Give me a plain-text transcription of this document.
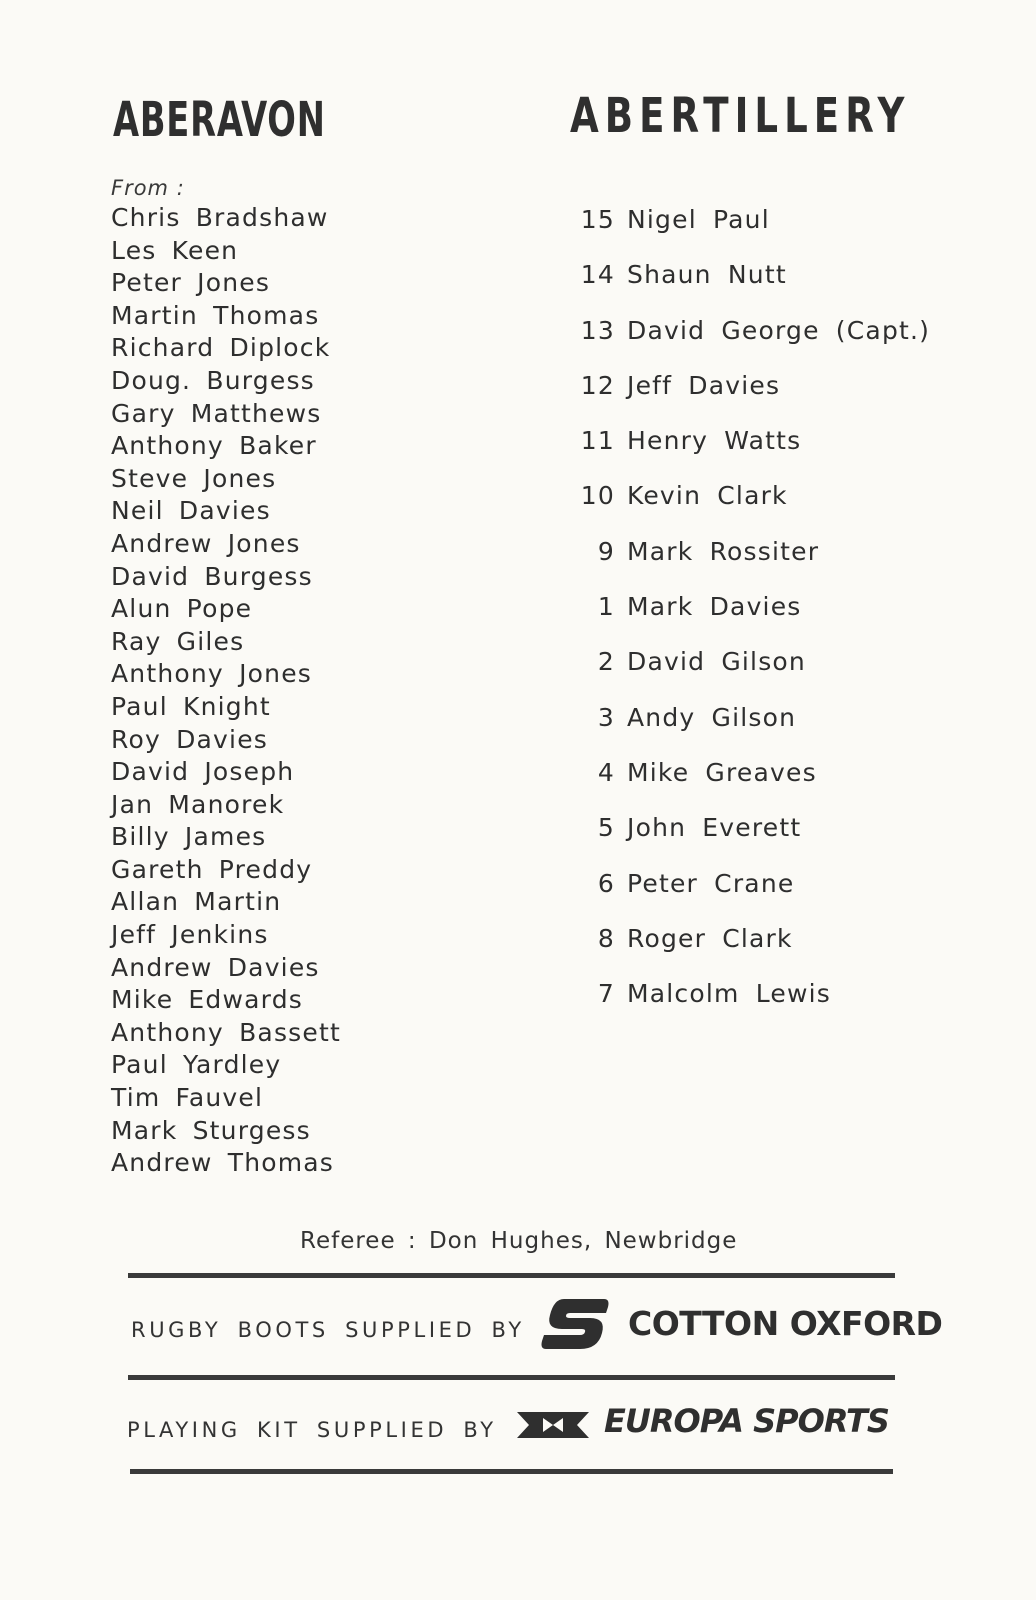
ABERAVON	ABERTILLERY
From :
Chris Bradshaw
Les Keen
Peter Jones
Martin Thomas
Richard Diplock
Doug. Burgess
Gary Matthews
Anthony Baker
Steve Jones
Neil Davies
Andrew Jones
David Burgess
Alun Pope
Ray Giles
Anthony Jones
Paul Knight
Roy Davies
David Joseph
Jan Manorek
Billy James
Gareth Preddy
Allan Martin
Jeff Jenkins
Andrew Davies
Mike Edwards
Anthony Bassett
Paul Yardley
Tim Fauvel
Mark Sturgess
Andrew Thomas
15 Nigel Paul
14 Shaun Nutt
13 David George (Capt.)
12 Jeff Davies
11 Henry Watts
10 Kevin Clark
9 Mark Rossiter
1 Mark Davies
2 David Gilson
3 Andy Gilson
4 Mike Greaves
5 John Everett
6 Peter Crane
8 Roger Clark
7 Malcolm Lewis
Referee : Don Hughes, Newbridge
RUGBY BOOTS SUPPLIED BY	COTTON OXFORD
PLAYING KIT SUPPLIED BY	EUROPA SPORTS
